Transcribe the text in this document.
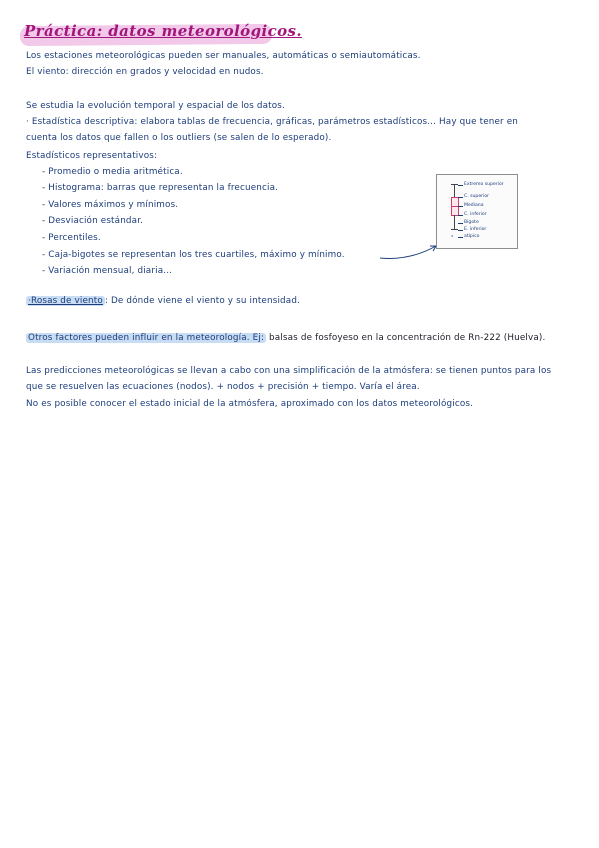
Práctica: datos meteorológicos.
Los estaciones meteorológicas pueden ser manuales, automáticas o semiautomáticas.
El viento: dirección en grados y velocidad en nudos.
Se estudia la evolución temporal y espacial de los datos.
· Estadística descriptiva: elabora tablas de frecuencia, gráficas, parámetros estadísticos... Hay que tener en
cuenta los datos que fallen o los outliers (se salen de lo esperado).
Estadísticos representativos:
- Promedio o media aritmética.
- Histograma: barras que representan la frecuencia.
- Valores máximos y mínimos.
- Desviación estándar.
- Percentiles.
- Caja-bigotes se representan los tres cuartiles, máximo y mínimo.
- Variación mensual, diaria...
°
Extremo superior
C. superior
Mediana
C. inferior
Bigote
E. inferior
atípico
·Rosas de viento : De dónde viene el viento y su intensidad.
Otros factores pueden influir en la meteorología. Ej: balsas de fosfoyeso en la concentración de Rn-222 (Huelva).
Las predicciones meteorológicas se llevan a cabo con una simplificación de la atmósfera: se tienen puntos para los
que se resuelven las ecuaciones (nodos). + nodos + precisión + tiempo. Varía el área.
No es posible conocer el estado inicial de la atmósfera, aproximado con los datos meteorológicos.
